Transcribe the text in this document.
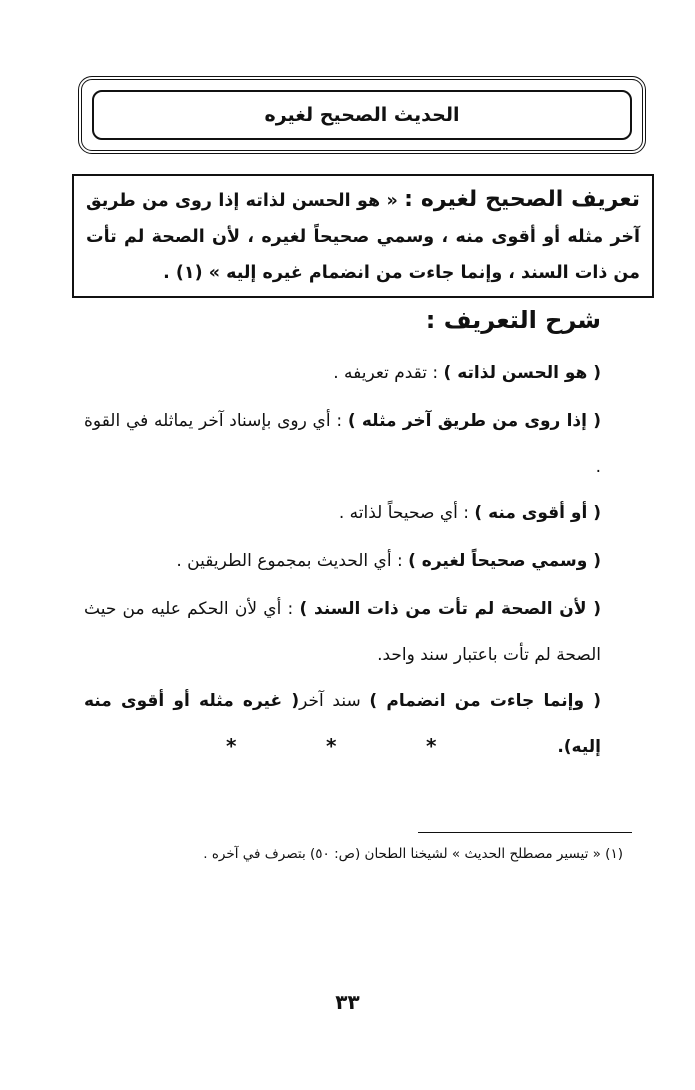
الحديث الصحيح لغيره
تعريف الصحيح لغيره : « هو الحسن لذاته إذا روى من طريق آخر مثله أو أقوى منه ، وسمي صحيحاً لغيره ، لأن الصحة لم تأت من ذات السند ، وإنما جاءت من انضمام غيره إليه » (١) .
شرح التعريف :
( هو الحسن لذاته ) : تقدم تعريفه .
( إذا روى من طريق آخر مثله ) : أي روى بإسناد آخر يماثله في القوة .
( أو أقوى منه ) : أي صحيحاً لذاته .
( وسمي صحيحاً لغيره ) : أي الحديث بمجموع الطريقين .
( لأن الصحة لم تأت من ذات السند ) : أي لأن الحكم عليه من حيث الصحة لم تأت باعتبار سند واحد.
( وإنما جاءت من انضمام ) سند آخر( غيره مثله أو أقوى منه إليه).
*	*	*
(١) « تيسير مصطلح الحديث » لشيخنا الطحان (ص: ٥٠) بتصرف في آخره .
٣٣
